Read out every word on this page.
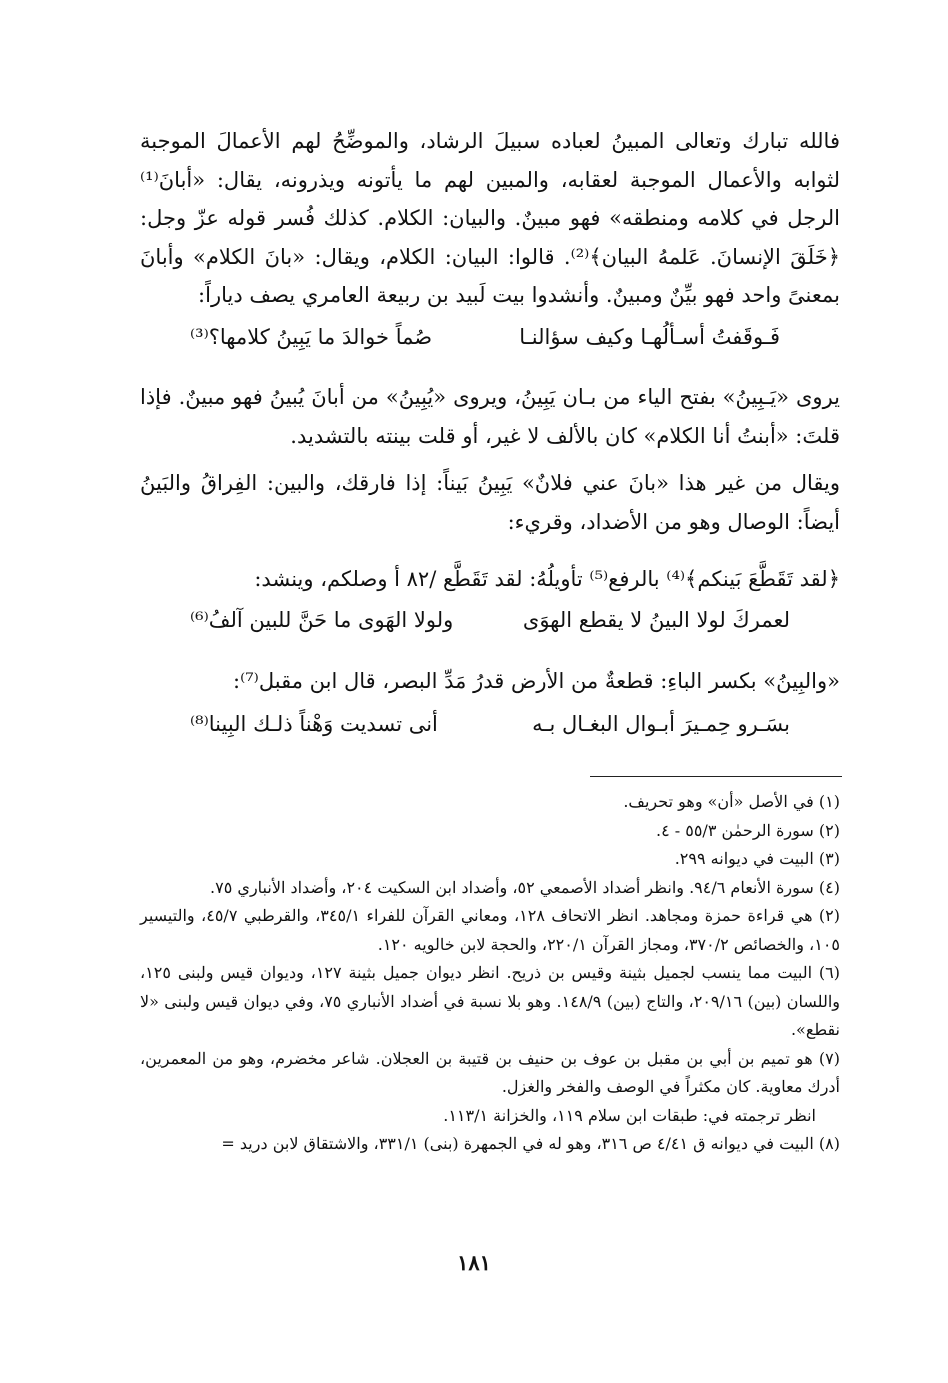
فالله تبارك وتعالى المبينُ لعباده سبيلَ الرشاد، والموضِّحُ لهم الأعمالَ الموجبة لثوابه والأعمال الموجبة لعقابه، والمبين لهم ما يأتونه ويذرونه، يقال: «أبانَ⁽¹⁾ الرجل في كلامه ومنطقه» فهو مبينٌ. والبيان: الكلام. كذلك فُسر قوله عزّ وجل: ﴿خَلَقَ الإنسانَ. عَلمهُ البيان﴾⁽²⁾. قالوا: البيان: الكلام، ويقال: «بانَ الكلام» وأبانَ بمعنىً واحد فهو بيِّنٌ ومبينٌ. وأنشدوا بيت لَبيد بن ربيعة العامري يصف دياراً:

فَـوقَفتُ أسـألُهـا وكيف سؤالنـا
صُماً خوالدَ ما يَبِينُ كلامها؟⁽³⁾

يروى «يَـبِينُ» بفتح الياء من بـان يَبِينُ، ويروى «يُبِينُ» من أبانَ يُبينُ فهو مبينٌ. فإذا قلتَ: «أبنتُ أنا الكلام» كان بالألف لا غير، أو قلت بينته بالتشديد.

ويقال من غير هذا «بانَ عني فلانٌ» يَبِينُ بَيناً: إذا فارقك، والبين: الفِراقُ والبَينُ أيضاً: الوصال وهو من الأضداد، وقريء:

﴿لقد تَقَطَّعَ بَينكم﴾⁽⁴⁾ بالرفع⁽⁵⁾ تأويلُهُ: لقد تَقَطَّع /٨٢ أ وصلكم، وينشد:

لعمركَ لولا البينُ لا يقطع الهوَى
ولولا الهَوى ما حَنَّ للبين آلفُ⁽⁶⁾

«والبِينُ» بكسر الباءِ: قطعةٌ من الأرض قدرُ مَدِّ البصر، قال ابن مقبل⁽⁷⁾:

بسَـرو حِمـيرَ أبـوال البغـال بـه
أنى تسديت وَهْناً ذلـك البِينا⁽⁸⁾

(١) في الأصل «أن» وهو تحريف.

(٢) سورة الرحمٰن ٥٥/٣ - ٤.

(٣) البيت في ديوانه ٢٩٩.

(٤) سورة الأنعام ٩٤/٦. وانظر أضداد الأصمعي ٥٢، وأضداد ابن السكيت ٢٠٤، وأضداد الأنباري ٧٥.

(٢) هي قراءة حمزة ومجاهد. انظر الاتحاف ١٢٨، ومعاني القرآن للفراء ٣٤٥/١، والقرطبي ٤٥/٧، والتيسير ١٠٥، والخصائص ٣٧٠/٢، ومجاز القرآن ٢٢٠/١، والحجة لابن خالويه ١٢٠.

(٦) البيت مما ينسب لجميل بثينة وقيس بن ذريح. انظر ديوان جميل بثينة ١٢٧، وديوان قيس ولبنى ١٢٥، واللسان (بين) ٢٠٩/١٦، والتاج (بين) ١٤٨/٩. وهو بلا نسبة في أضداد الأنباري ٧٥، وفي ديوان قيس ولبنى «لا نقطع».

(٧) هو تميم بن أبي بن مقبل بن عوف بن حنيف بن قتيبة بن العجلان. شاعر مخضرم، وهو من المعمرين، أدرك معاوية. كان مكثراً في الوصف والفخر والغزل.

انظر ترجمته في: طبقات ابن سلام ١١٩، والخزانة ١١٣/١.

(٨) البيت في ديوانه ق ٤/٤١ ص ٣١٦، وهو له في الجمهرة (بنى) ٣٣١/١، والاشتقاق لابن دريد =

١٨١
